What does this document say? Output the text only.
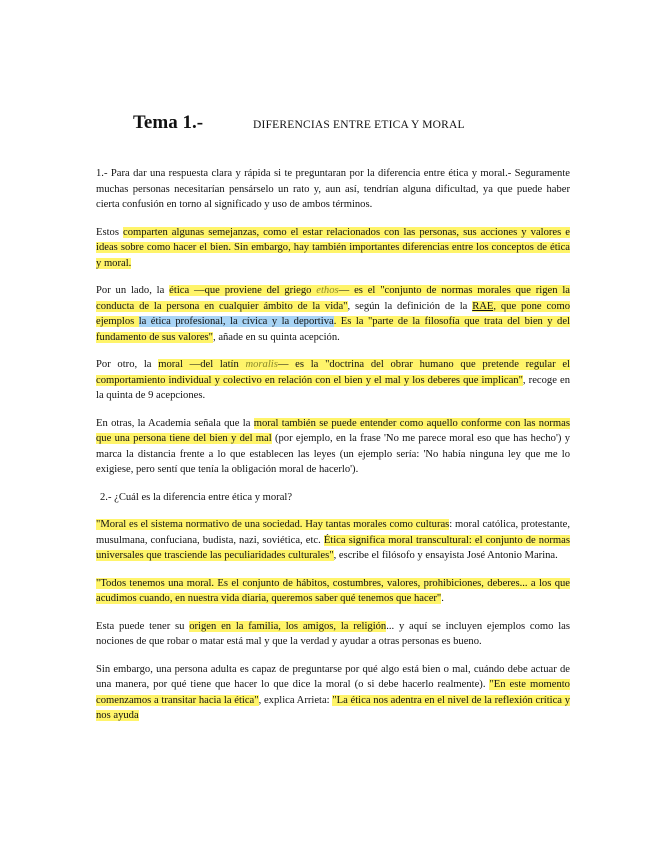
Tema 1.-	DIFERENCIAS ENTRE ETICA Y MORAL

1.- Para dar una respuesta clara y rápida si te preguntaran por la diferencia entre ética y moral.- Seguramente muchas personas necesitarían pensárselo un rato y, aun así, tendrían alguna dificultad, ya que puede haber cierta confusión en torno al significado y uso de ambos términos.

Estos comparten algunas semejanzas, como el estar relacionados con las personas, sus acciones y valores e ideas sobre como hacer el bien. Sin embargo, hay también importantes diferencias entre los conceptos de ética y moral.

Por un lado, la ética —que proviene del griego ethos— es el "conjunto de normas morales que rigen la conducta de la persona en cualquier ámbito de la vida", según la definición de la RAE, que pone como ejemplos la ética profesional, la cívica y la deportiva. Es la "parte de la filosofía que trata del bien y del fundamento de sus valores", añade en su quinta acepción.

Por otro, la moral —del latín moralis— es la "doctrina del obrar humano que pretende regular el comportamiento individual y colectivo en relación con el bien y el mal y los deberes que implican", recoge en la quinta de 9 acepciones.

En otras, la Academia señala que la moral también se puede entender como aquello conforme con las normas que una persona tiene del bien y del mal (por ejemplo, en la frase 'No me parece moral eso que has hecho') y marca la distancia frente a lo que establecen las leyes (un ejemplo sería: 'No había ninguna ley que me lo exigiese, pero sentí que tenía la obligación moral de hacerlo').

2.- ¿Cuál es la diferencia entre ética y moral?

"Moral es el sistema normativo de una sociedad. Hay tantas morales como culturas: moral católica, protestante, musulmana, confuciana, budista, nazi, soviética, etc. Ética significa moral transcultural: el conjunto de normas universales que trasciende las peculiaridades culturales", escribe el filósofo y ensayista José Antonio Marina.

"Todos tenemos una moral. Es el conjunto de hábitos, costumbres, valores, prohibiciones, deberes... a los que acudimos cuando, en nuestra vida diaria, queremos saber qué tenemos que hacer".

Esta puede tener su origen en la familia, los amigos, la religión... y aquí se incluyen ejemplos como las nociones de que robar o matar está mal y que la verdad y ayudar a otras personas es bueno.

Sin embargo, una persona adulta es capaz de preguntarse por qué algo está bien o mal, cuándo debe actuar de una manera, por qué tiene que hacer lo que dice la moral (o si debe hacerlo realmente). "En este momento comenzamos a transitar hacia la ética", explica Arrieta: "La ética nos adentra en el nivel de la reflexión crítica y nos ayuda
